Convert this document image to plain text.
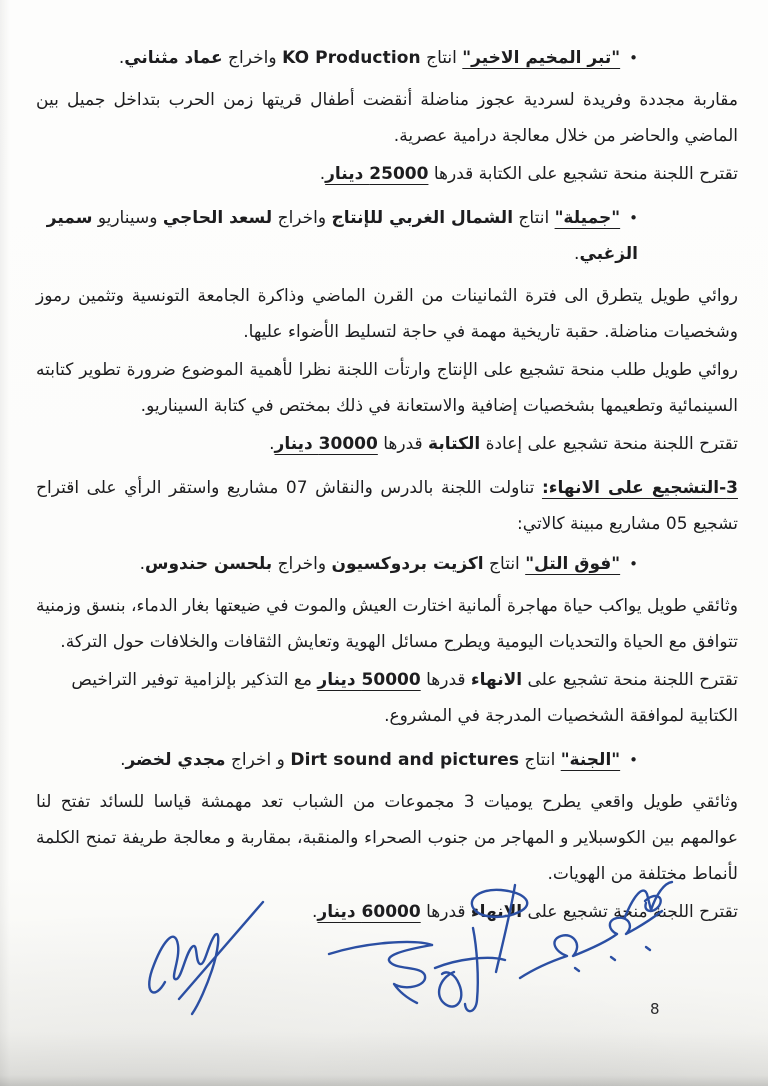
•"تبر المخيم الاخير" انتاج KO Production واخراج عماد مثناني.

مقاربة مجددة وفريدة لسردية عجوز مناضلة أنقضت أطفال قريتها زمن الحرب بتداخل جميل بين الماضي والحاضر من خلال معالجة درامية عصرية.

تقترح اللجنة منحة تشجيع على الكتابة قدرها 25000 دينار.

•"جميلة" انتاج الشمال الغربي للإنتاج واخراج لسعد الحاجي وسيناريو سمير الزغبي.

روائي طويل يتطرق الى فترة الثمانينات من القرن الماضي وذاكرة الجامعة التونسية وتثمين رموز وشخصيات مناضلة. حقبة تاريخية مهمة في حاجة لتسليط الأضواء عليها.

روائي طويل طلب منحة تشجيع على الإنتاج وارتأت اللجنة نظرا لأهمية الموضوع ضرورة تطوير كتابته السينمائية وتطعيمها بشخصيات إضافية والاستعانة في ذلك بمختص في كتابة السيناريو.

تقترح اللجنة منحة تشجيع على إعادة الكتابة قدرها 30000 دينار.

3-التشجيع على الانهاء: تناولت اللجنة بالدرس والنقاش 07 مشاريع واستقر الرأي على اقتراح تشجيع 05 مشاريع مبينة كالاتي:

•"فوق التل" انتاج اكزيت بردوكسيون واخراج بلحسن حندوس.

وثائقي طويل يواكب حياة مهاجرة ألمانية اختارت العيش والموت في ضيعتها بغار الدماء، بنسق وزمنية تتوافق مع الحياة والتحديات اليومية ويطرح مسائل الهوية وتعايش الثقافات والخلافات حول التركة.

تقترح اللجنة منحة تشجيع على الانهاء قدرها 50000 دينار مع التذكير بإلزامية توفير التراخيص الكتابية لموافقة الشخصيات المدرجة في المشروع.

•"الجنة" انتاج Dirt sound and pictures و اخراج مجدي لخضر.

وثائقي طويل واقعي يطرح يوميات 3 مجموعات من الشباب تعد مهمشة قياسا للسائد تفتح لنا عوالمهم بين الكوسبلاير و المهاجر من جنوب الصحراء والمنقبة، بمقاربة و معالجة طريفة تمنح الكلمة لأنماط مختلفة من الهويات.

تقترح اللجنة منحة تشجيع على الانهاء قدرها 60000 دينار.

8
